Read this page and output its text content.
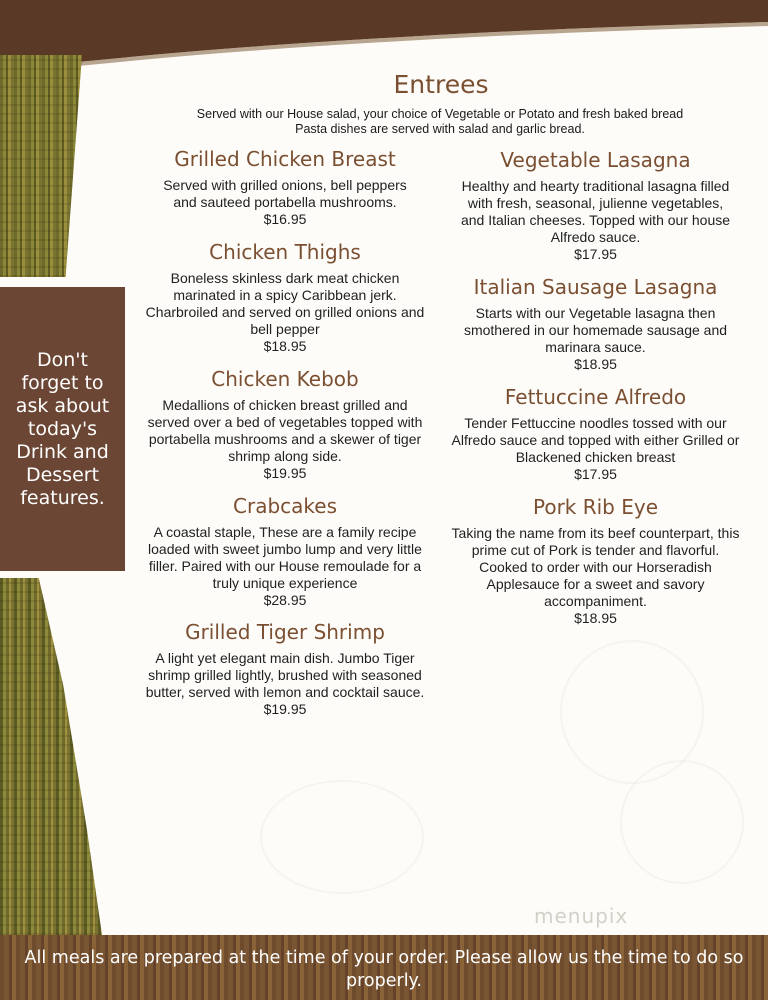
Don't forget to ask about today's Drink and Dessert features.
Entrees
Served with our House salad, your choice of Vegetable or Potato and fresh baked bread
Pasta dishes are served with salad and garlic bread.
Grilled Chicken Breast
Served with grilled onions, bell peppers and sauteed portabella mushrooms.
$16.95
Chicken Thighs
Boneless skinless dark meat chicken marinated in a spicy Caribbean jerk. Charbroiled and served on grilled onions and bell pepper
$18.95
Chicken Kebob
Medallions of chicken breast grilled and served over a bed of vegetables topped with portabella mushrooms and a skewer of tiger shrimp along side.
$19.95
Crabcakes
A coastal staple, These are a family recipe loaded with sweet jumbo lump and very little filler. Paired with our House remoulade for a truly unique experience
$28.95
Grilled Tiger Shrimp
A light yet elegant main dish. Jumbo Tiger shrimp grilled lightly, brushed with seasoned butter, served with lemon and cocktail sauce.
$19.95
Vegetable Lasagna
Healthy and hearty traditional lasagna filled with fresh, seasonal, julienne vegetables, and Italian cheeses. Topped with our house Alfredo sauce.
$17.95
Italian Sausage Lasagna
Starts with our Vegetable lasagna then smothered in our homemade sausage and marinara sauce.
$18.95
Fettuccine Alfredo
Tender Fettuccine noodles tossed with our Alfredo sauce and topped with either Grilled or Blackened chicken breast
$17.95
Pork Rib Eye
Taking the name from its beef counterpart, this prime cut of Pork is tender and flavorful. Cooked to order with our Horseradish Applesauce for a sweet and savory accompaniment.
$18.95
menupix
All meals are prepared at the time of your order. Please allow us the time to do so properly.
